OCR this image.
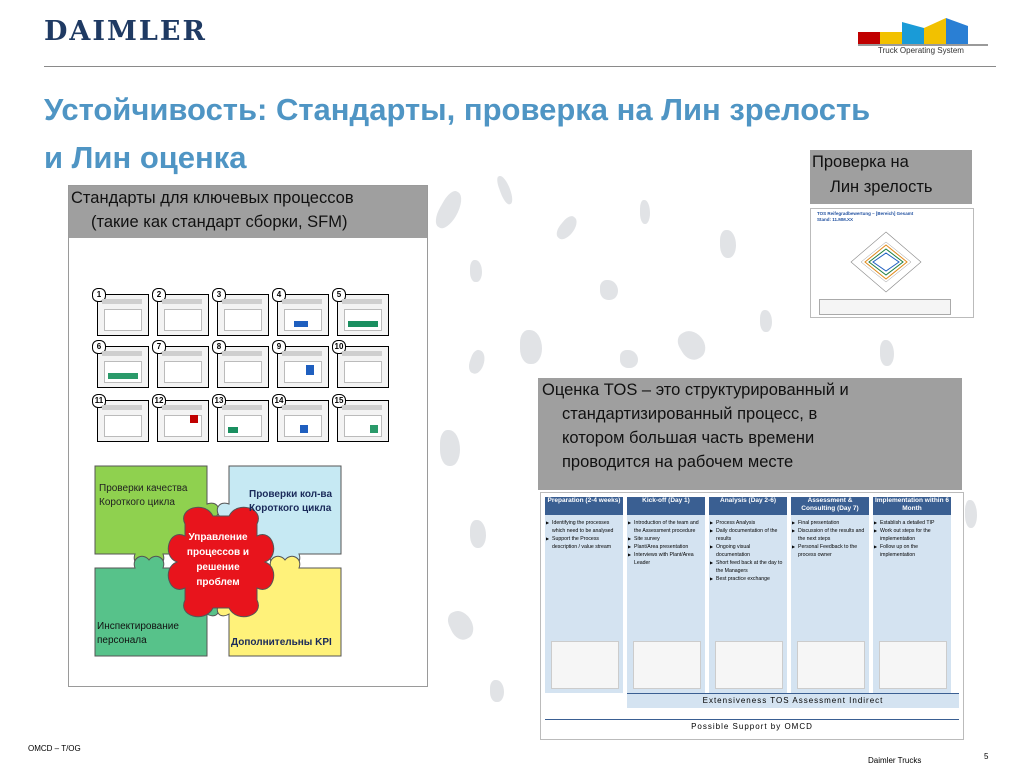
DAIMLER
Truck Operating System
Устойчивость: Стандарты, проверка на Лин зрелость
и Лин оценка
Стандарты для ключевых процессов
(такие как стандарт сборки, SFM)
1	2	3	4	5
6	7	8	9	10
11	12	13	14	15
Проверки качества Короткого цикла
Проверки кол-ва Короткого цикла
Управление процессов и решение проблем
Инспектирование персонала	Дополнительны KPI
Проверка на
Лин зрелость
TOS Reifegradbewertung – [Bereich] Gesamt Stand: 11.MM.XX
Оценка TOS – это структурированный и
стандартизированный процесс, в
котором большая часть времени
проводится на рабочем месте
Preparation (2-4 weeks)
▶ Identifying the processes which need to be analysed
▶ Support the Process description / value stream
Kick-off (Day 1)
▶ Introduction of the team and the Assessment procedure
▶ Site survey
▶ Plant/Area presentation
▶ Interviews with Plant/Area Leader
Analysis (Day 2-6)
▶ Process Analysis
▶ Daily documentation of the results
▶ Ongoing visual documentation
▶ Short feed back at the day to the Managers
▶ Best practice exchange
Assessment & Consulting (Day 7)
▶ Final presentation
▶ Discussion of the results and the next steps
▶ Personal Feedback to the process owner
Implementation within 6 Month
▶ Establish a detailed TIP
▶ Work out steps for the implementation
▶ Follow up on the implementation
Extensiveness TOS Assessment Indirect
Possible Support by OMCD
OMCD – T/OG
Daimler Trucks	5
